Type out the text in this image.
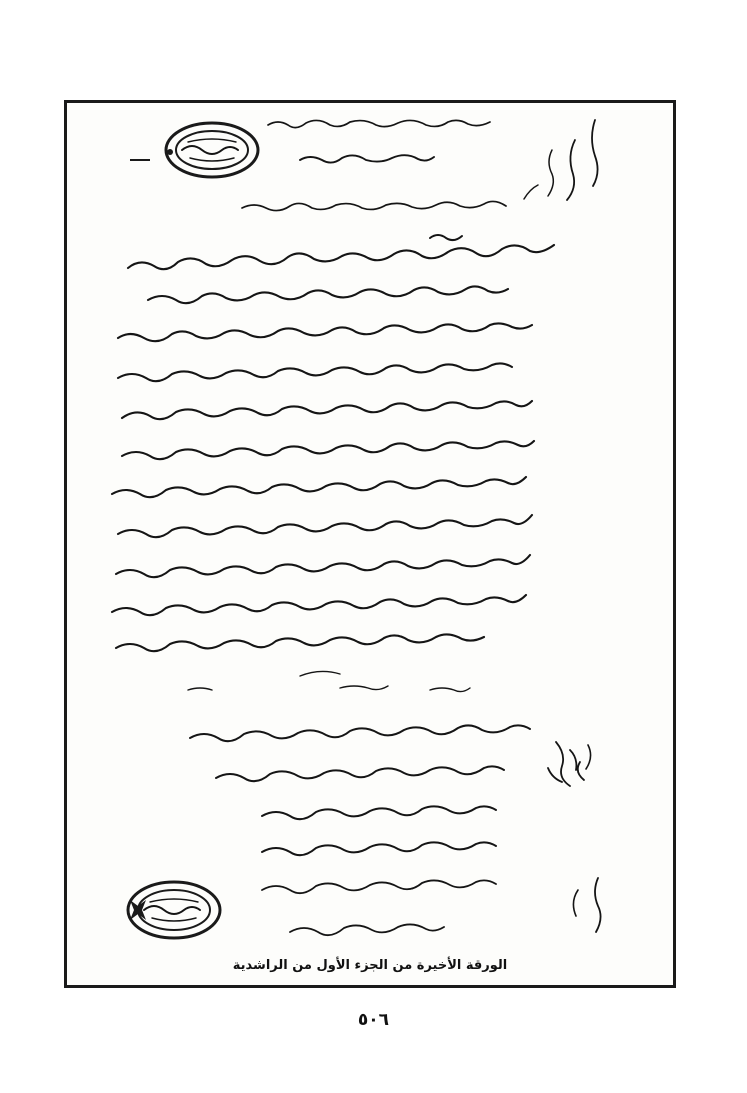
الورقة الأخيرة من الجزء الأول من الراشدية
٥٠٦
